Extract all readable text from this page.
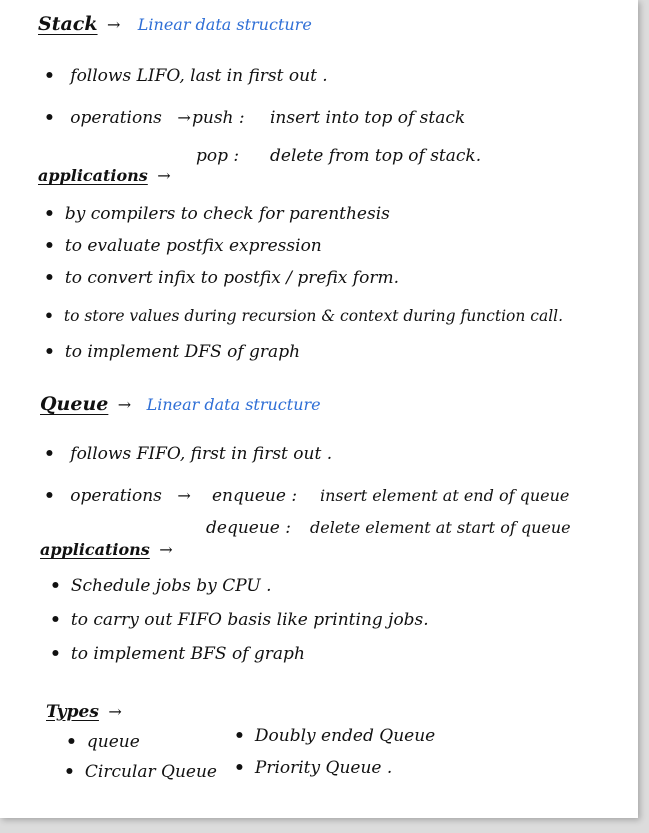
Stack → Linear data structure
• follows LIFO, last in first out .
• operations → push : insert into top of stack
pop : delete from top of stack.
applications →
• by compilers to check for parenthesis
• to evaluate postfix expression
• to convert infix to postfix / prefix form.
• to store values during recursion & context during function call.
• to implement DFS of graph
Queue → Linear data structure
• follows FIFO, first in first out .
• operations → enqueue : insert element at end of queue
dequeue : delete element at start of queue
applications →
• Schedule jobs by CPU .
• to carry out FIFO basis like printing jobs.
• to implement BFS of graph
Types →
• queue	• Doubly ended Queue
• Circular Queue • Priority Queue .
